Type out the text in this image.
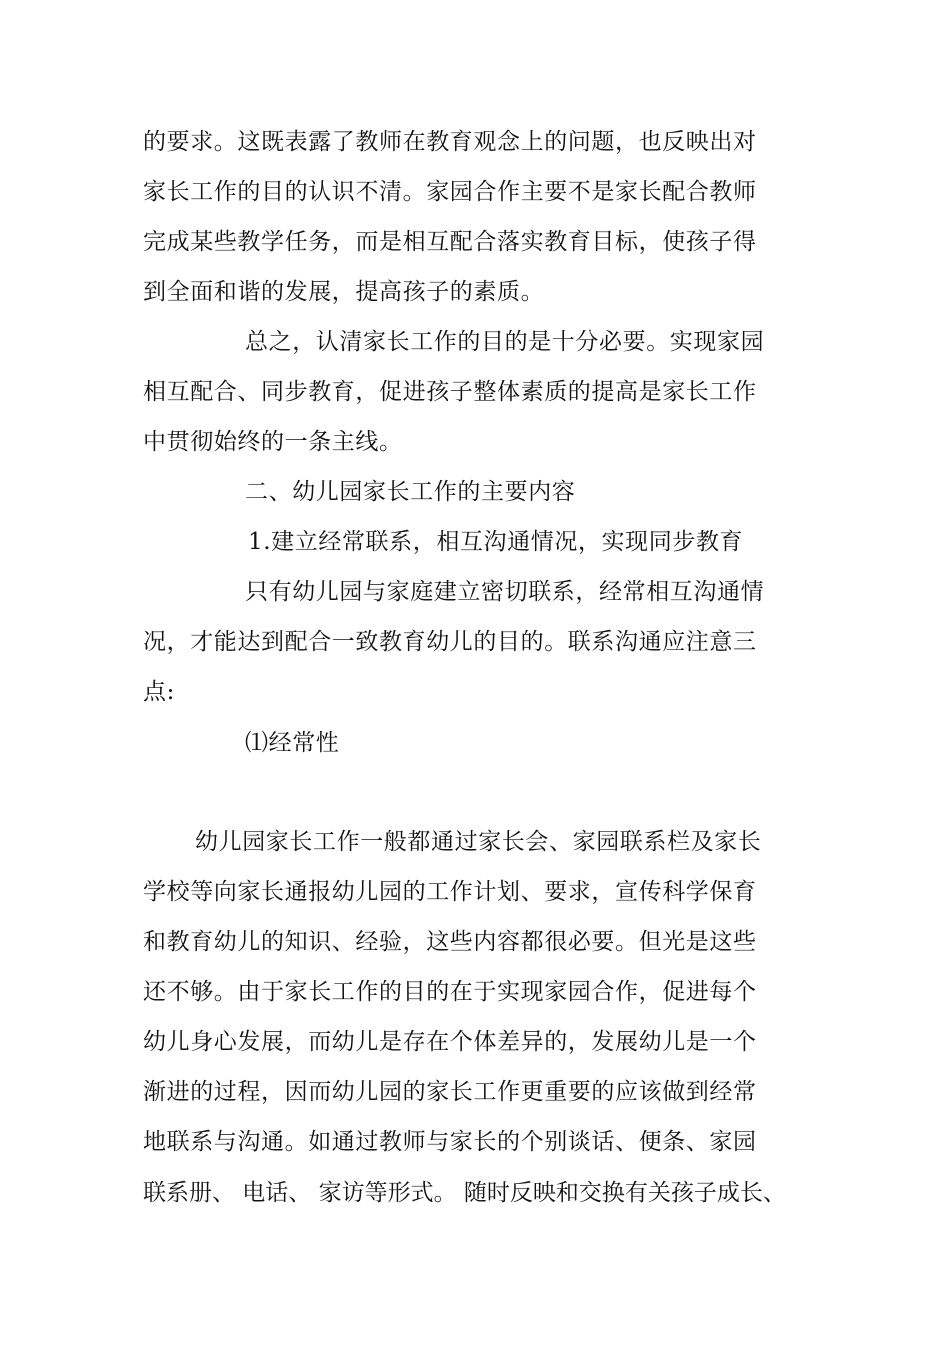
的要求。这既表露了教师在教育观念上的问题，也反映出对
家长工作的目的认识不清。家园合作主要不是家长配合教师
完成某些教学任务，而是相互配合落实教育目标，使孩子得
到全面和谐的发展，提高孩子的素质。
总之，认清家长工作的目的是十分必要。实现家园
相互配合、同步教育，促进孩子整体素质的提高是家长工作
中贯彻始终的一条主线。
二、幼儿园家长工作的主要内容
1.建立经常联系，相互沟通情况，实现同步教育
只有幼儿园与家庭建立密切联系，经常相互沟通情
况，才能达到配合一致教育幼儿的目的。联系沟通应注意三
点:
⑴经常性
幼儿园家长工作一般都通过家长会、家园联系栏及家长
学校等向家长通报幼儿园的工作计划、要求，宣传科学保育
和教育幼儿的知识、经验，这些内容都很必要。但光是这些
还不够。由于家长工作的目的在于实现家园合作，促进每个
幼儿身心发展，而幼儿是存在个体差异的，发展幼儿是一个
渐进的过程，因而幼儿园的家长工作更重要的应该做到经常
地联系与沟通。如通过教师与家长的个别谈话、便条、家园
联系册、 电话、 家访等形式。 随时反映和交换有关孩子成长、
